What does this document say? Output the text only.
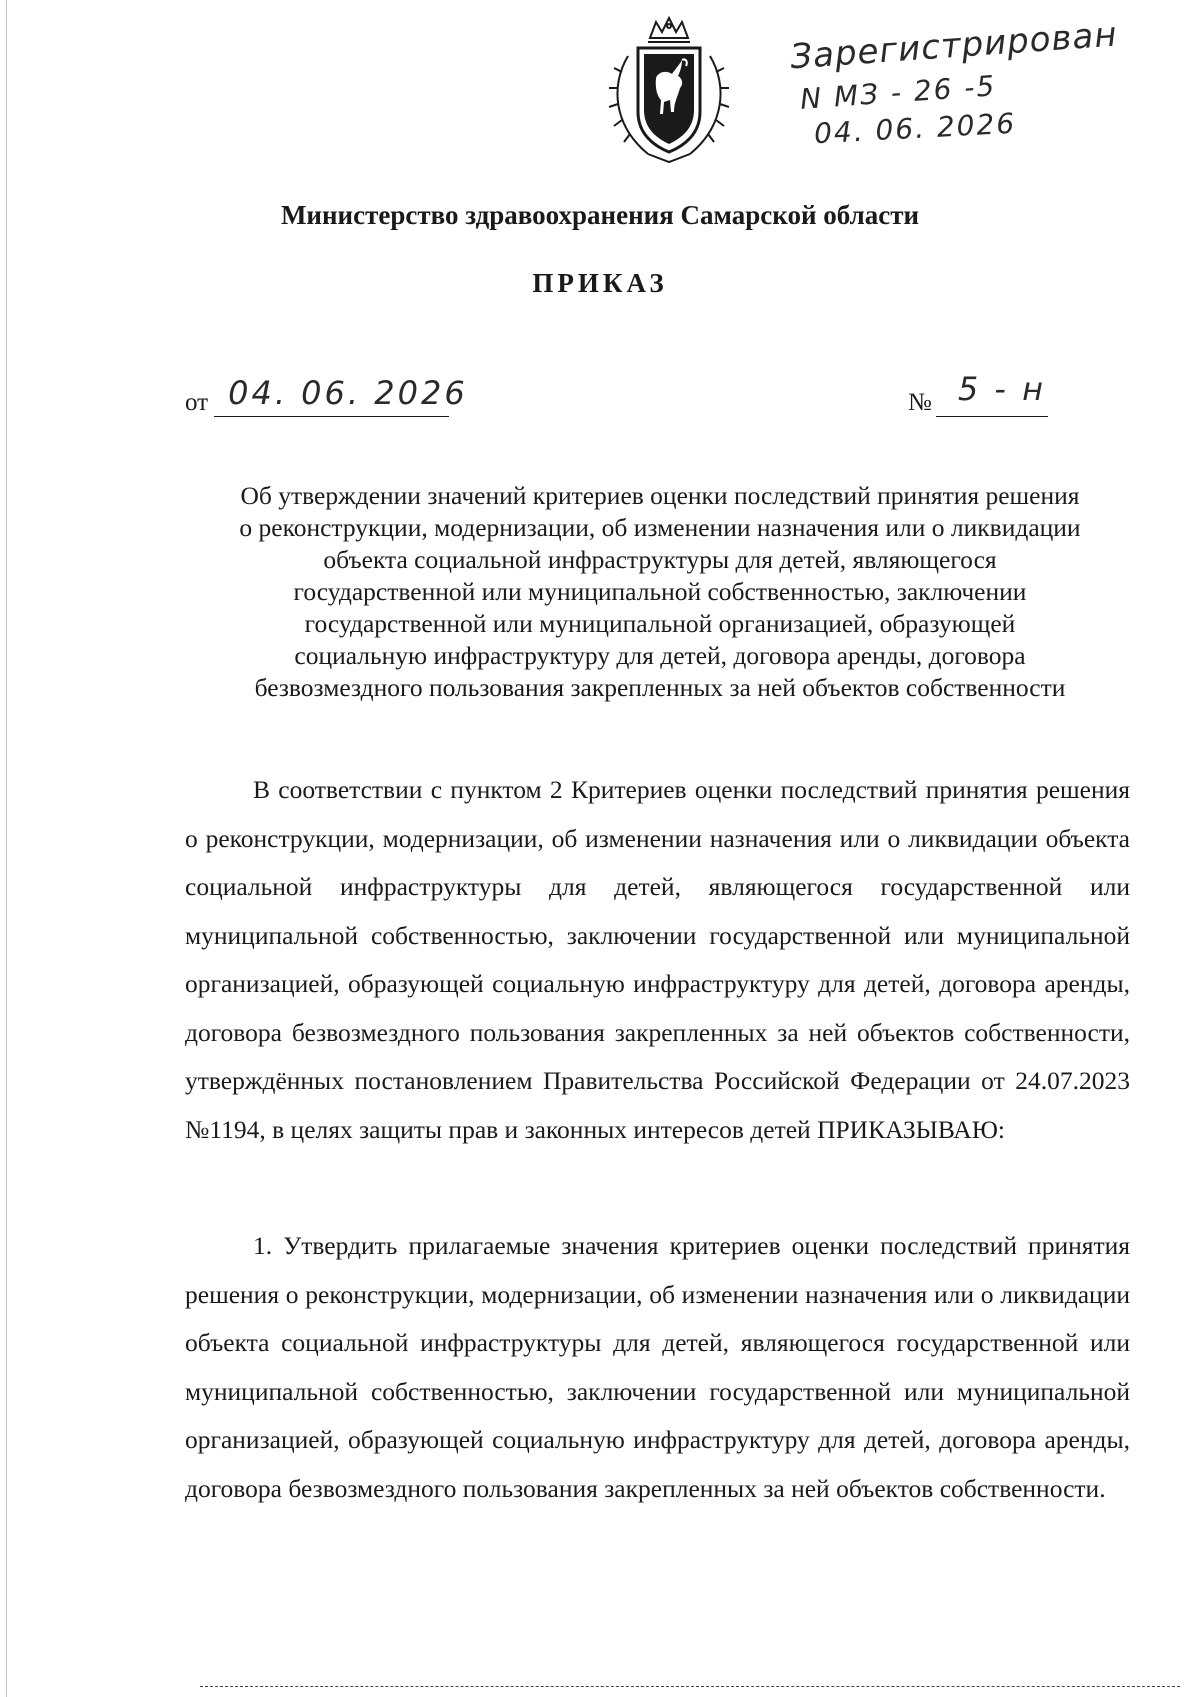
Зарегистрирован
N МЗ - 26 -5
04. 06. 2026
Министерство здравоохранения Самарской области
ПРИКАЗ
от 04. 06. 2026	№ 5 - н
Об утверждении значений критериев оценки последствий принятия решения
о реконструкции, модернизации, об изменении назначения или о ликвидации
объекта социальной инфраструктуры для детей, являющегося
государственной или муниципальной собственностью, заключении
государственной или муниципальной организацией, образующей
социальную инфраструктуру для детей, договора аренды, договора
безвозмездного пользования закрепленных за ней объектов собственности
В соответствии с пунктом 2 Критериев оценки последствий принятия решения о реконструкции, модернизации, об изменении назначения или о ликвидации объекта социальной инфраструктуры для детей, являющегося государственной или муниципальной собственностью, заключении государственной или муниципальной организацией, образующей социальную инфраструктуру для детей, договора аренды, договора безвозмездного пользования закрепленных за ней объектов собственности, утверждённых постановлением Правительства Российской Федерации от 24.07.2023 №1194, в целях защиты прав и законных интересов детей ПРИКАЗЫВАЮ:
1. Утвердить прилагаемые значения критериев оценки последствий принятия решения о реконструкции, модернизации, об изменении назначения или о ликвидации объекта социальной инфраструктуры для детей, являющегося государственной или муниципальной собственностью, заключении государственной или муниципальной организацией, образующей социальную инфраструктуру для детей, договора аренды, договора безвозмездного пользования закрепленных за ней объектов собственности.
